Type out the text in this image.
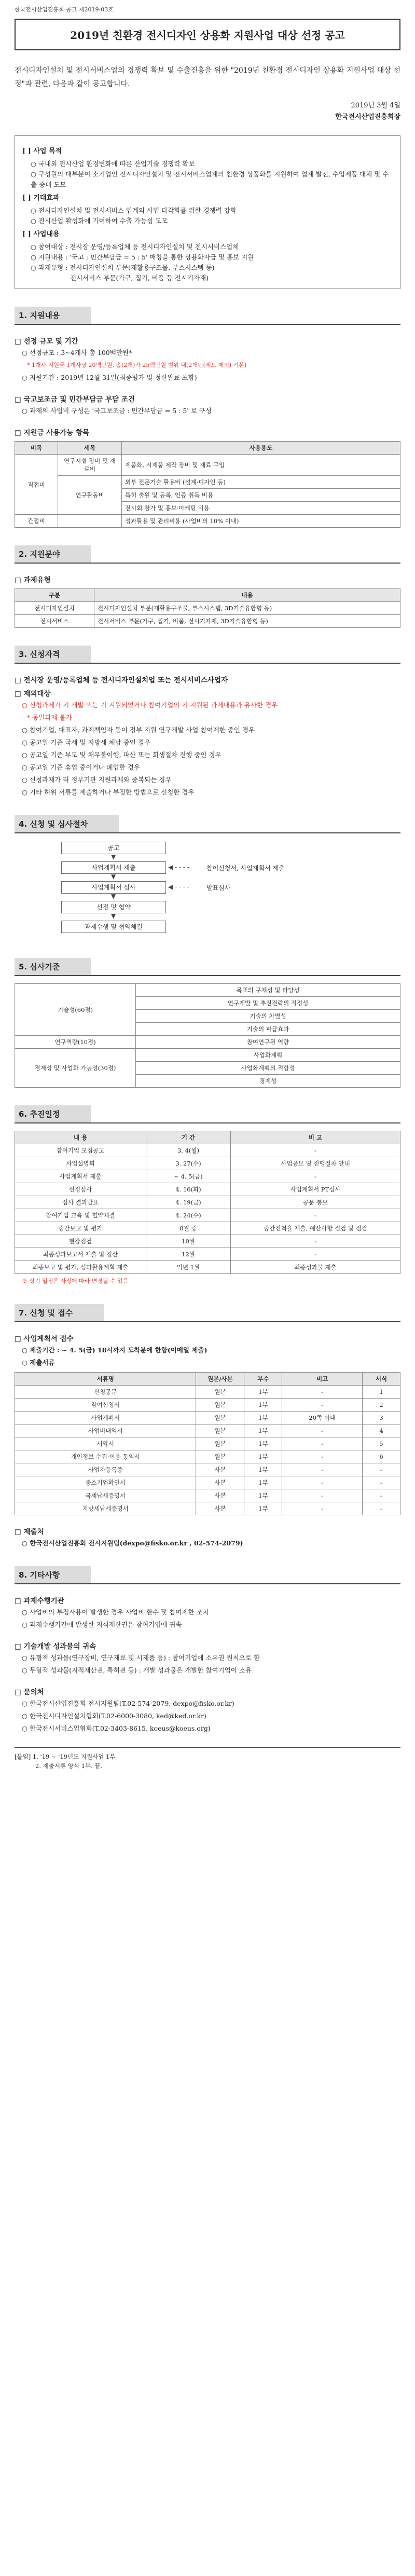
한국전시산업진흥회 공고 제2019-03호
2019년 친환경 전시디자인 상용화 지원사업 대상 선정 공고
전시디자인설치 및 전시서비스업의 경쟁력 확보 및 수출진흥을 위한 "2019년 친환경 전시디자인 상용화 지원사업 대상 선정"과 관련, 다음과 같이 공고합니다.
2019년 3월 4일
한국전시산업진흥회장
[ ] 사업 목적
○ 국내외 전시산업 환경변화에 따른 산업기술 경쟁력 확보
○ 구성원의 대부분이 소기업인 전시디자인설치 및 전시서비스업계의 친환경 상품화를 지원하여 업계 발전, 수입제품 대체 및 수출 증대 도모
[ ] 기대효과
○ 전시디자인설치 및 전시서비스 업계의 사업 다각화를 위한 경쟁력 강화
○ 전시산업 활성화에 기여하여 수출 가능성 도모
[ ] 사업내용
○ 참여대상 : 전시장 운영/등록업체 등 전시디자인설치 및 전시서비스업체
○ 지원내용 : '국고 : 민간부담금 = 5 : 5' 매칭을 통한 상용화자금 및 홍보 지원
○ 과제유형 : 전시디자인설치 부문(재활용구조물, 부스시스템 등)
전시서비스 부문(가구, 집기, 비품 등 전시기자재)
1. 지원내용
□ 선정 규모 및 기간
○ 선정규모 : 3~4개사 총 100백만원*
* 1개사 지원금 1개사당 20백만원, 총(2개)가 25백만원 범위 내(2개년(세트 제외) 기본)
○ 지원기간 : 2019년 12월 31일(최종평가 및 정산완료 포함)
□ 국고보조금 및 민간부담금 부담 조건
○ 과제의 사업비 구성은 '국고보조금 : 민간부담금 = 5 : 5' 로 구성
□ 지원금 사용가능 항목
비목	세목	사용용도
직접비	연구시설 장비 및 재료비	제품화, 시제품 제작 장비 및 재료 구입
	연구활동비	외부 전문기술 활용비 (설계·디자인 등)
		특허 출원 및 등록, 인증 취득 비용
		전시회 참가 및 홍보·마케팅 비용
간접비		성과활용 및 관리비용 (사업비의 10% 이내)
2. 지원분야
□ 과제유형
구분	내용
전시디자인설치	전시디자인설치 부문(재활용구조물, 부스시스템, 3D기술융합형 등)
전시서비스	전시서비스 부문(가구, 집기, 비품, 전시기자재, 3D기술융합형 등)
3. 신청자격
□ 전시장 운영/등록업체 등 전시디자인설치업 또는 전시서비스사업자
□ 제외대상
○ 신청과제가 기 개발 또는 기 지원되었거나 참여기업의 기 지원된 과제내용과 유사한 경우
* 동일과제 불가
○ 참여기업, 대표자, 과제책임자 등이 정부 지원 연구개발 사업 참여제한 중인 경우
○ 공고일 기준 국세 및 지방세 체납 중인 경우
○ 공고일 기준 부도 및 채무불이행, 파산 또는 회생절차 진행 중인 경우
○ 공고일 기준 휴업 중이거나 폐업한 경우
○ 신청과제가 타 정부기관 지원과제와 중복되는 경우
○ 기타 허위 서류를 제출하거나 부정한 방법으로 신청한 경우
4. 신청 및 심사절차
공고
▼
사업계획서 제출	◀ - - - -	참여신청서, 사업계획서 제출
▼
사업계획서 심사	◀ - - - -	발표심사
▼
선정 및 협약
▼
과제수행 및 협약체결
5. 심사기준
기술성(60점)	목표의 구체성 및 타당성
	연구개발 및 추진전략의 적정성
	기술의 차별성
	기술의 파급효과
연구역량(10점)	참여연구원 역량
경제성 및 사업화 가능성(30점)	사업화계획
	사업화계획의 적합성
	경제성
6. 추진일정
내 용	기 간	비 고
참여기업 모집공고	3. 4(월)	-
사업설명회	3. 27(수)	사업공모 및 진행절차 안내
사업계획서 제출	~ 4. 5(금)	-
선정심사	4. 16(화)	사업계획서 PT심사
심사 결과발표	4. 19(금)	공문 통보
참여기업 교육 및 협약체결	4. 24(수)	-
중간보고 및 평가	8월 중	중간진척율 제출, 예산사항 점검 및 점검
현장점검	10월	-
최종성과보고서 제출 및 정산	12월	-
최종보고 및 평가, 성과활용계획 제출	익년 1월	최종성과물 제출
※ 상기 일정은 사정에 따라 변경될 수 있음
7. 신청 및 접수
□ 사업계획서 접수
○ 제출기간 : ~ 4. 5(금) 18시까지 도착분에 한함(이메일 제출)
○ 제출서류
서류명	원본/사본	부수	비고	서식
신청공문	원본	1부	-	1
참여신청서	원본	1부	-	2
사업계획서	원본	1부	20쪽 이내	3
사업비내역서	원본	1부	-	4
서약서	원본	1부	-	5
개인정보 수집·이용 동의서	원본	1부	-	6
사업자등록증	사본	1부	-	-
중소기업확인서	사본	1부	-	-
국세납세증명서	사본	1부	-	-
지방세납세증명서	사본	1부	-	-
□ 제출처
○ 한국전시산업진흥회 전시지원팀(dexpo@fisko.or.kr , 02-574-2079)
8. 기타사항
□ 과제수행기관
○ 사업비의 부정사용이 발생한 경우 사업비 환수 및 참여제한 조치
○ 과제수행기간에 발생한 지식재산권은 참여기업에 귀속
□ 기술개발 성과물의 귀속
○ 유형적 성과물(연구장비, 연구재료 및 시제품 등) : 참여기업에 소유권 원칙으로 함
○ 무형적 성과물(지적재산권, 특허권 등) : 개발 성과물은 개발한 참여기업이 소유
□ 문의처
○ 한국전시산업진흥회 전시지원팀(T.02-574-2079, dexpo@fisko.or.kr)
○ 한국전시디자인설치협회(T.02-6000-3080, ked@ked.or.kr)
○ 한국전시서비스업협회(T.02-3403-8615, koeus@koeus.org)
[붙임] 1. '19 ~ '19년도 지원사업 1부
2. 제출서류 양식 1부. 끝.
